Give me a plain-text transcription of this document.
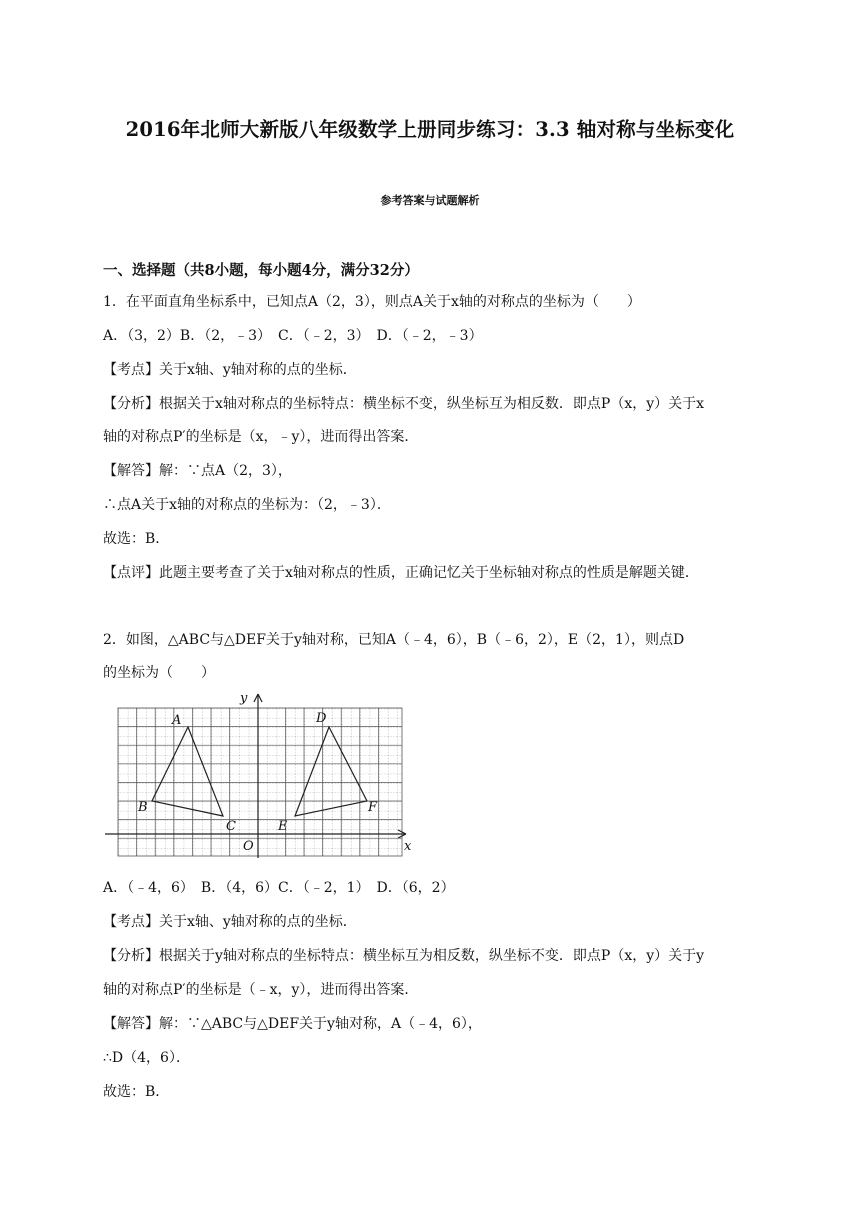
2016年北师大新版八年级数学上册同步练习：3.3 轴对称与坐标变化
参考答案与试题解析
一、选择题（共8小题，每小题4分，满分32分）
1．在平面直角坐标系中，已知点A（2，3），则点A关于x轴的对称点的坐标为（　　）
A．（3，2）B．（2，﹣3）　C．（﹣2，3）　D．（﹣2，﹣3）
【考点】关于x轴、y轴对称的点的坐标．
【分析】根据关于x轴对称点的坐标特点：横坐标不变，纵坐标互为相反数．即点P（x，y）关于x
轴的对称点P′的坐标是（x，﹣y），进而得出答案．
【解答】解：∵点A（2，3），
∴点A关于x轴的对称点的坐标为：（2，﹣3）．
故选：B．
【点评】此题主要考查了关于x轴对称点的性质，正确记忆关于坐标轴对称点的性质是解题关键．
2．如图，△ABC与△DEF关于y轴对称，已知A（﹣4，6），B（﹣6，2），E（2，1），则点D
的坐标为（　　）
x
y
O
A
B
C
D
E
F
A．（﹣4，6）　B．（4，6）C．（﹣2，1）　D．（6，2）
【考点】关于x轴、y轴对称的点的坐标．
【分析】根据关于y轴对称点的坐标特点：横坐标互为相反数，纵坐标不变．即点P（x，y）关于y
轴的对称点P′的坐标是（﹣x，y），进而得出答案．
【解答】解：∵△ABC与△DEF关于y轴对称，A（﹣4，6），
∴D（4，6）．
故选：B．
